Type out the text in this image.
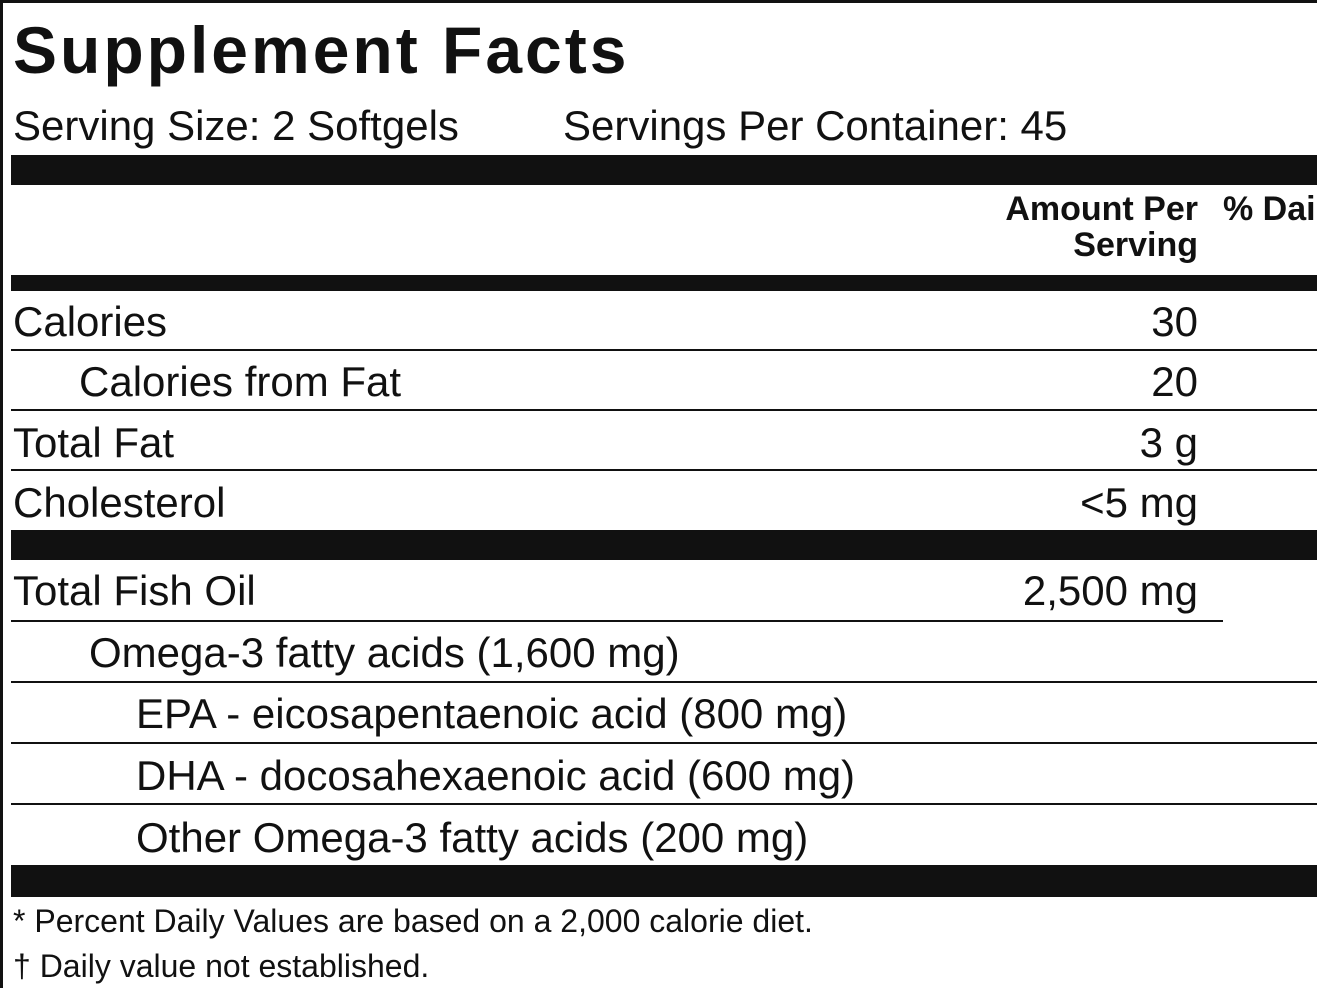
Supplement Facts
Serving Size: 2 Softgels Servings Per Container: 45
Amount Per
Serving
% Dai
Calories	30
Calories from Fat	20
Total Fat	3 g
Cholesterol	<5 mg
Total Fish Oil	2,500 mg
Omega-3 fatty acids (1,600 mg)
EPA - eicosapentaenoic acid (800 mg)
DHA - docosahexaenoic acid (600 mg)
Other Omega-3 fatty acids (200 mg)
* Percent Daily Values are based on a 2,000 calorie diet.
† Daily value not established.
